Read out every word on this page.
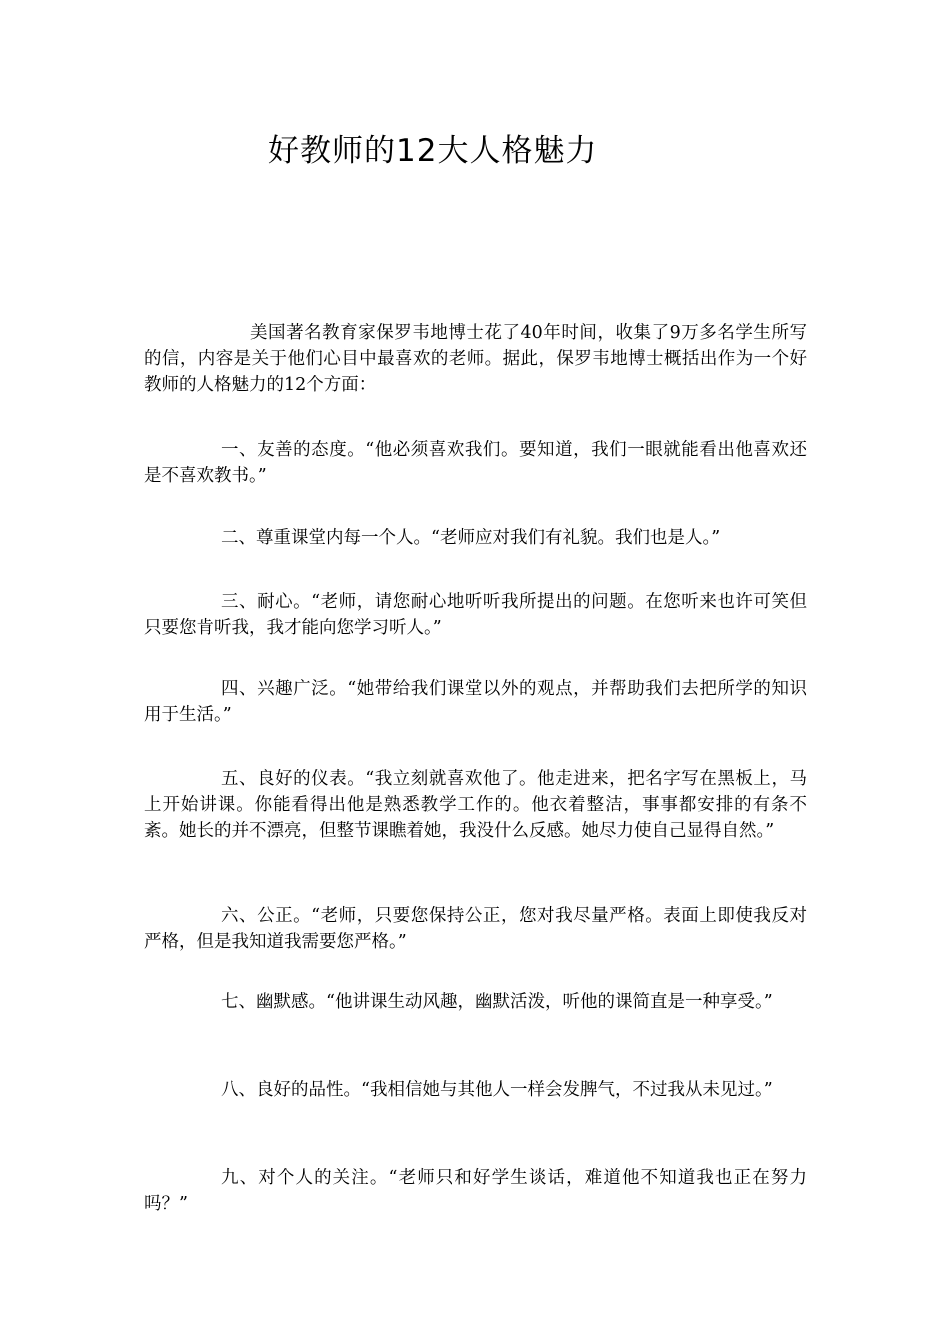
好教师的12大人格魅力

美国著名教育家保罗韦地博士花了40年时间，收集了9万多名学生所写的信，内容是关于他们心目中最喜欢的老师。据此，保罗韦地博士概括出作为一个好教师的人格魅力的12个方面：

一、友善的态度。“他必须喜欢我们。要知道，我们一眼就能看出他喜欢还是不喜欢教书。”

二、尊重课堂内每一个人。“老师应对我们有礼貌。我们也是人。”

三、耐心。“老师，请您耐心地听听我所提出的问题。在您听来也许可笑但只要您肯听我，我才能向您学习听人。”

四、兴趣广泛。“她带给我们课堂以外的观点，并帮助我们去把所学的知识用于生活。”

五、良好的仪表。“我立刻就喜欢他了。他走进来，把名字写在黑板上，马上开始讲课。你能看得出他是熟悉教学工作的。他衣着整洁，事事都安排的有条不紊。她长的并不漂亮，但整节课瞧着她，我没什么反感。她尽力使自己显得自然。”

六、公正。“老师，只要您保持公正，您对我尽量严格。表面上即使我反对严格，但是我知道我需要您严格。”

七、幽默感。“他讲课生动风趣，幽默活泼，听他的课简直是一种享受。”

八、良好的品性。“我相信她与其他人一样会发脾气，不过我从未见过。”

九、对个人的关注。“老师只和好学生谈话，难道他不知道我也正在努力吗？”
